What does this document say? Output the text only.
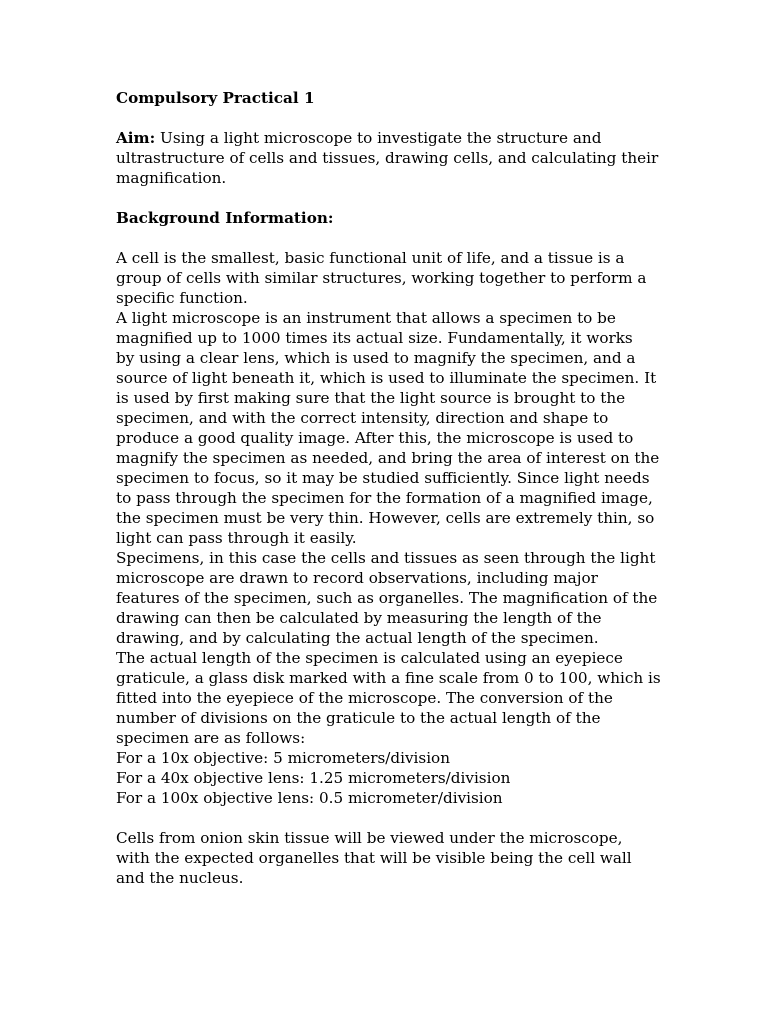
Compulsory Practical 1
Aim: Using a light microscope to investigate the structure and
ultrastructure of cells and tissues, drawing cells, and calculating their
magnification.
Background Information:
A cell is the smallest, basic functional unit of life, and a tissue is a
group of cells with similar structures, working together to perform a
specific function.
A light microscope is an instrument that allows a specimen to be
magnified up to 1000 times its actual size. Fundamentally, it works
by using a clear lens, which is used to magnify the specimen, and a
source of light beneath it, which is used to illuminate the specimen. It
is used by first making sure that the light source is brought to the
specimen, and with the correct intensity, direction and shape to
produce a good quality image. After this, the microscope is used to
magnify the specimen as needed, and bring the area of interest on the
specimen to focus, so it may be studied sufficiently. Since light needs
to pass through the specimen for the formation of a magnified image,
the specimen must be very thin. However, cells are extremely thin, so
light can pass through it easily.
Specimens, in this case the cells and tissues as seen through the light
microscope are drawn to record observations, including major
features of the specimen, such as organelles. The magnification of the
drawing can then be calculated by measuring the length of the
drawing, and by calculating the actual length of the specimen.
The actual length of the specimen is calculated using an eyepiece
graticule, a glass disk marked with a fine scale from 0 to 100, which is
fitted into the eyepiece of the microscope. The conversion of the
number of divisions on the graticule to the actual length of the
specimen are as follows:
For a 10x objective: 5 micrometers/division
For a 40x objective lens: 1.25 micrometers/division
For a 100x objective lens: 0.5 micrometer/division
Cells from onion skin tissue will be viewed under the microscope,
with the expected organelles that will be visible being the cell wall
and the nucleus.
